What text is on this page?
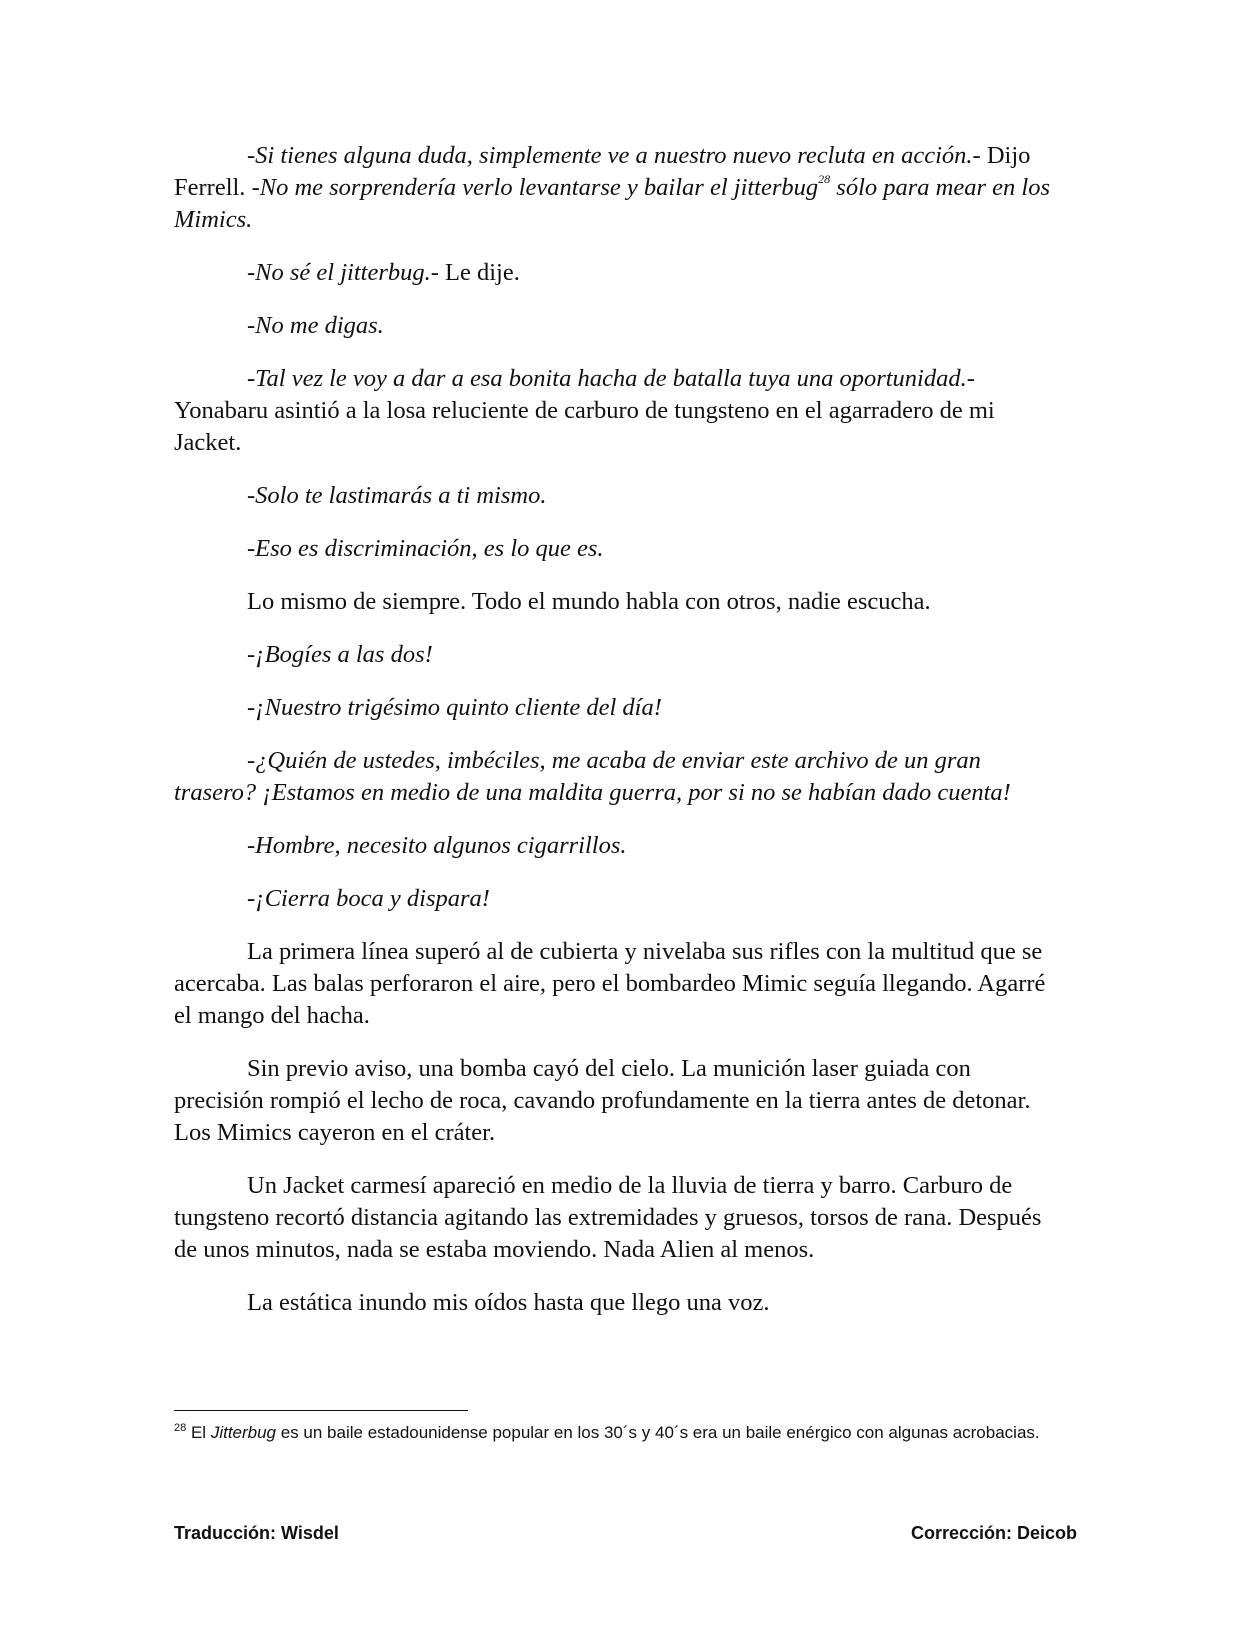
-Si tienes alguna duda, simplemente ve a nuestro nuevo recluta en acción.- Dijo Ferrell. -No me sorprendería verlo levantarse y bailar el jitterbug$^{28}$ sólo para mear en los Mimics.

-No sé el jitterbug.- Le dije.

-No me digas.

-Tal vez le voy a dar a esa bonita hacha de batalla tuya una oportunidad.- Yonabaru asintió a la losa reluciente de carburo de tungsteno en el agarradero de mi Jacket.

-Solo te lastimarás a ti mismo.

-Eso es discriminación, es lo que es.

Lo mismo de siempre. Todo el mundo habla con otros, nadie escucha.

-¡Bogíes a las dos!

-¡Nuestro trigésimo quinto cliente del día!

-¿Quién de ustedes, imbéciles, me acaba de enviar este archivo de un gran trasero? ¡Estamos en medio de una maldita guerra, por si no se habían dado cuenta!

-Hombre, necesito algunos cigarrillos.

-¡Cierra boca y dispara!

La primera línea superó al de cubierta y nivelaba sus rifles con la multitud que se acercaba. Las balas perforaron el aire, pero el bombardeo Mimic seguía llegando. Agarré el mango del hacha.

Sin previo aviso, una bomba cayó del cielo. La munición laser guiada con precisión rompió el lecho de roca, cavando profundamente en la tierra antes de detonar. Los Mimics cayeron en el cráter.

Un Jacket carmesí apareció en medio de la lluvia de tierra y barro. Carburo de tungsteno recortó distancia agitando las extremidades y gruesos, torsos de rana. Después de unos minutos, nada se estaba moviendo. Nada Alien al menos.

La estática inundo mis oídos hasta que llego una voz.

$^{28}$ El Jitterbug es un baile estadounidense popular en los 30´s y 40´s era un baile enérgico con algunas acrobacias.
Traducción: Wisdel	Corrección: Deicob
